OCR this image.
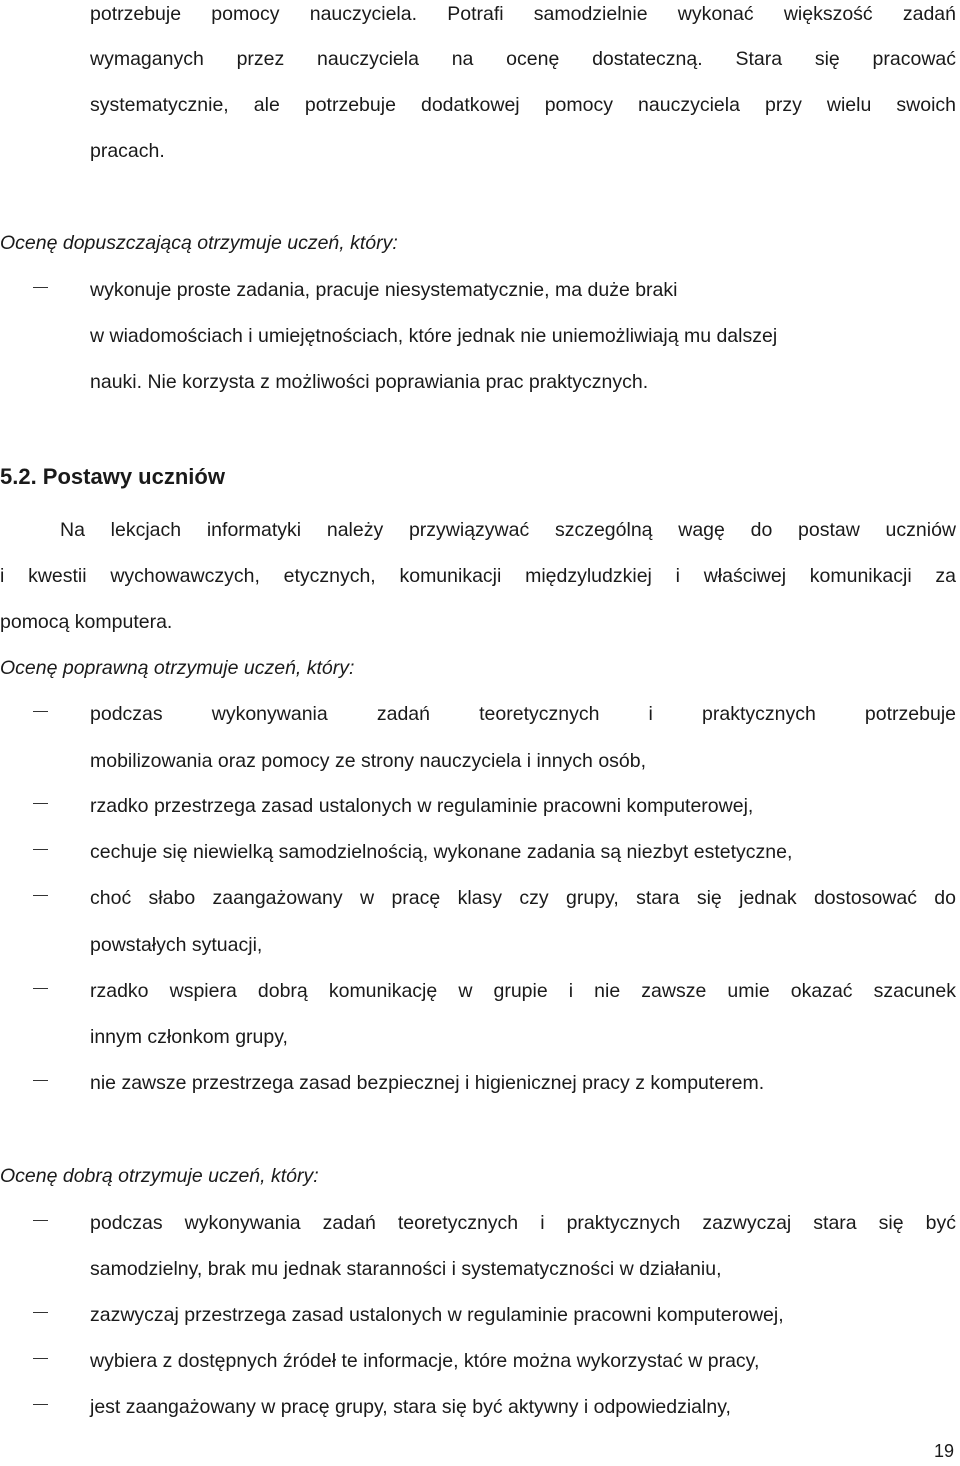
potrzebuje pomocy nauczyciela. Potrafi samodzielnie wykonać większość zadań
wymaganych przez nauczyciela na ocenę dostateczną. Stara się pracować
systematycznie, ale potrzebuje dodatkowej pomocy nauczyciela przy wielu swoich
pracach.
Ocenę dopuszczającą otrzymuje uczeń, który:
wykonuje proste zadania, pracuje niesystematycznie, ma duże braki
w wiadomościach i umiejętnościach, które jednak nie uniemożliwiają mu dalszej
nauki. Nie korzysta z możliwości poprawiania prac praktycznych.
5.2. Postawy uczniów
Na lekcjach informatyki należy przywiązywać szczególną wagę do postaw uczniów
i kwestii wychowawczych, etycznych, komunikacji międzyludzkiej i właściwej komunikacji za
pomocą komputera.
Ocenę poprawną otrzymuje uczeń, który:
podczas wykonywania zadań teoretycznych i praktycznych potrzebuje
mobilizowania oraz pomocy ze strony nauczyciela i innych osób,
rzadko przestrzega zasad ustalonych w regulaminie pracowni komputerowej,
cechuje się niewielką samodzielnością, wykonane zadania są niezbyt estetyczne,
choć słabo zaangażowany w pracę klasy czy grupy, stara się jednak dostosować do
powstałych sytuacji,
rzadko wspiera dobrą komunikację w grupie i nie zawsze umie okazać szacunek
innym członkom grupy,
nie zawsze przestrzega zasad bezpiecznej i higienicznej pracy z komputerem.
Ocenę dobrą otrzymuje uczeń, który:
podczas wykonywania zadań teoretycznych i praktycznych zazwyczaj stara się być
samodzielny, brak mu jednak staranności i systematyczności w działaniu,
zazwyczaj przestrzega zasad ustalonych w regulaminie pracowni komputerowej,
wybiera z dostępnych źródeł te informacje, które można wykorzystać w pracy,
jest zaangażowany w pracę grupy, stara się być aktywny i odpowiedzialny,
19
